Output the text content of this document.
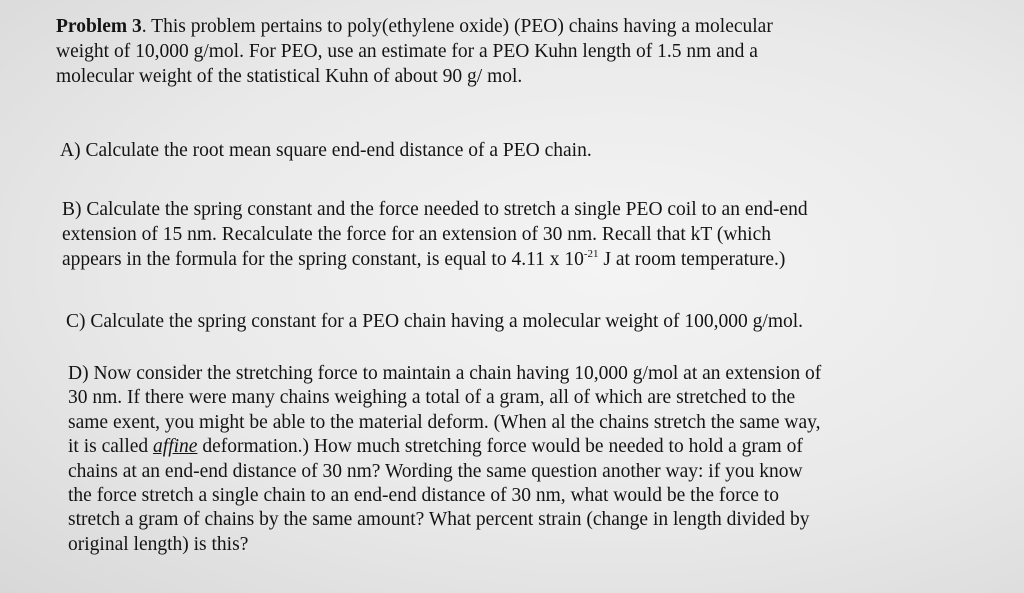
Problem 3. This problem pertains to poly(ethylene oxide) (PEO) chains having a molecular
weight of 10,000 g/mol. For PEO, use an estimate for a PEO Kuhn length of 1.5 nm and a
molecular weight of the statistical Kuhn of about 90 g/ mol.
A) Calculate the root mean square end-end distance of a PEO chain.
B) Calculate the spring constant and the force needed to stretch a single PEO coil to an end-end
extension of 15 nm. Recalculate the force for an extension of 30 nm. Recall that kT (which
appears in the formula for the spring constant, is equal to 4.11 x $10^{-21}$ J at room temperature.)
C) Calculate the spring constant for a PEO chain having a molecular weight of 100,000 g/mol.
D) Now consider the stretching force to maintain a chain having 10,000 g/mol at an extension of
30 nm. If there were many chains weighing a total of a gram, all of which are stretched to the
same exent, you might be able to the material deform. (When al the chains stretch the same way,
it is called affine deformation.) How much stretching force would be needed to hold a gram of
chains at an end-end distance of 30 nm? Wording the same question another way: if you know
the force stretch a single chain to an end-end distance of 30 nm, what would be the force to
stretch a gram of chains by the same amount? What percent strain (change in length divided by
original length) is this?
